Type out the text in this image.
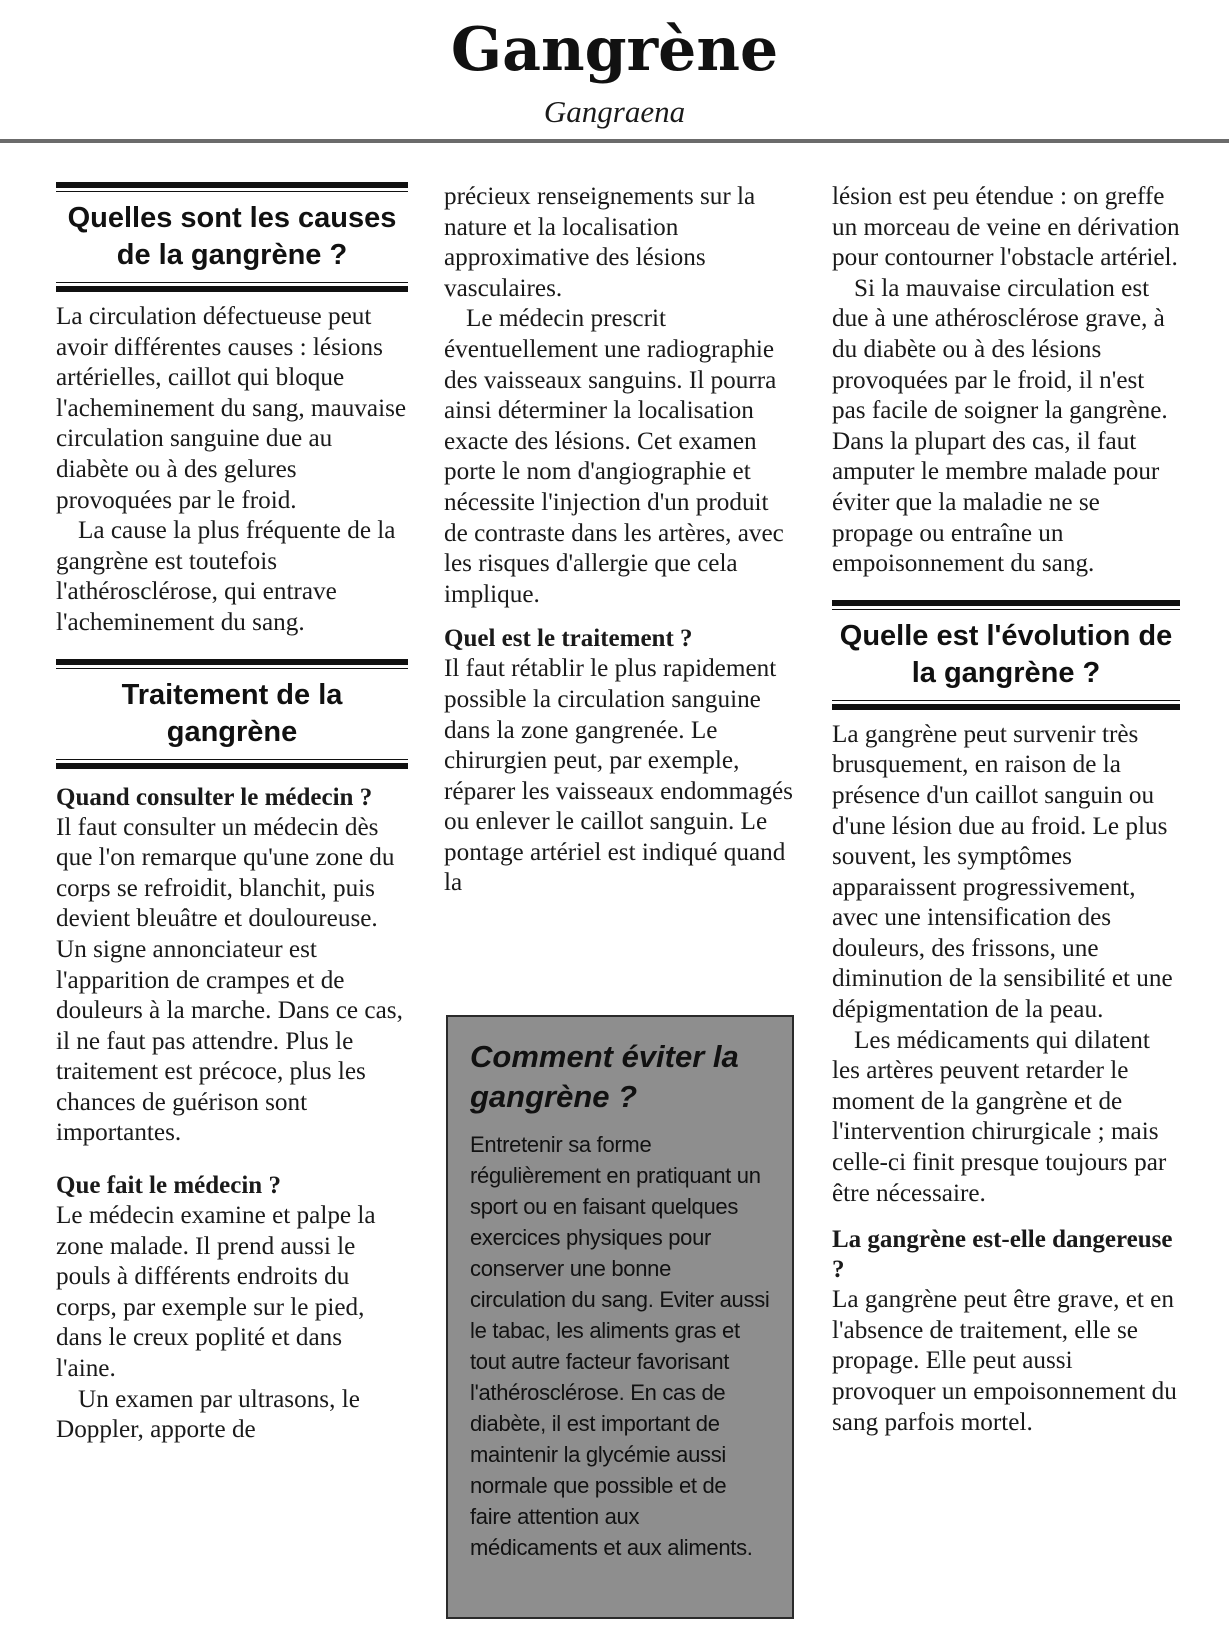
Gangrène
Gangraena
Quelles sont les causes de la gangrène ?

La circulation défectueuse peut avoir différentes causes : lésions artérielles, caillot qui bloque l'acheminement du sang, mauvaise circulation sanguine due au diabète ou à des gelures provoquées par le froid.

La cause la plus fréquente de la gangrène est toutefois l'athérosclérose, qui entrave l'acheminement du sang.

Traitement de la gangrène
Quand consulter le médecin ?

Il faut consulter un médecin dès que l'on remarque qu'une zone du corps se refroidit, blanchit, puis devient bleuâtre et douloureuse. Un signe annonciateur est l'apparition de crampes et de douleurs à la marche. Dans ce cas, il ne faut pas attendre. Plus le traitement est précoce, plus les chances de guérison sont importantes.

Que fait le médecin ?

Le médecin examine et palpe la zone malade. Il prend aussi le pouls à différents endroits du corps, par exemple sur le pied, dans le creux poplité et dans l'aine.

Un examen par ultrasons, le Doppler, apporte de

précieux renseignements sur la nature et la localisation approximative des lésions vasculaires.

Le médecin prescrit éventuellement une radiographie des vaisseaux sanguins. Il pourra ainsi déterminer la localisation exacte des lésions. Cet examen porte le nom d'angiographie et nécessite l'injection d'un produit de contraste dans les artères, avec les risques d'allergie que cela implique.

Quel est le traitement ?

Il faut rétablir le plus rapidement possible la circulation sanguine dans la zone gangrenée. Le chirurgien peut, par exemple, réparer les vaisseaux endommagés ou enlever le caillot sanguin. Le pontage artériel est indiqué quand la

Comment éviter la gangrène ?

Entretenir sa forme régulièrement en pratiquant un sport ou en faisant quelques exercices physiques pour conserver une bonne circulation du sang. Eviter aussi le tabac, les aliments gras et tout autre facteur favorisant l'athérosclérose. En cas de diabète, il est important de maintenir la glycémie aussi normale que possible et de faire attention aux médicaments et aux aliments.

lésion est peu étendue : on greffe un morceau de veine en dérivation pour contourner l'obstacle artériel.

Si la mauvaise circulation est due à une athérosclérose grave, à du diabète ou à des lésions provoquées par le froid, il n'est pas facile de soigner la gangrène. Dans la plupart des cas, il faut amputer le membre malade pour éviter que la maladie ne se propage ou entraîne un empoisonnement du sang.

Quelle est l'évolution de la gangrène ?

La gangrène peut survenir très brusquement, en raison de la présence d'un caillot sanguin ou d'une lésion due au froid. Le plus souvent, les symptômes apparaissent progressivement, avec une intensification des douleurs, des frissons, une diminution de la sensibilité et une dépigmentation de la peau.

Les médicaments qui dilatent les artères peuvent retarder le moment de la gangrène et de l'intervention chirurgicale ; mais celle-ci finit presque toujours par être nécessaire.

La gangrène est-elle dangereuse ?

La gangrène peut être grave, et en l'absence de traitement, elle se propage. Elle peut aussi provoquer un empoisonnement du sang parfois mortel.
